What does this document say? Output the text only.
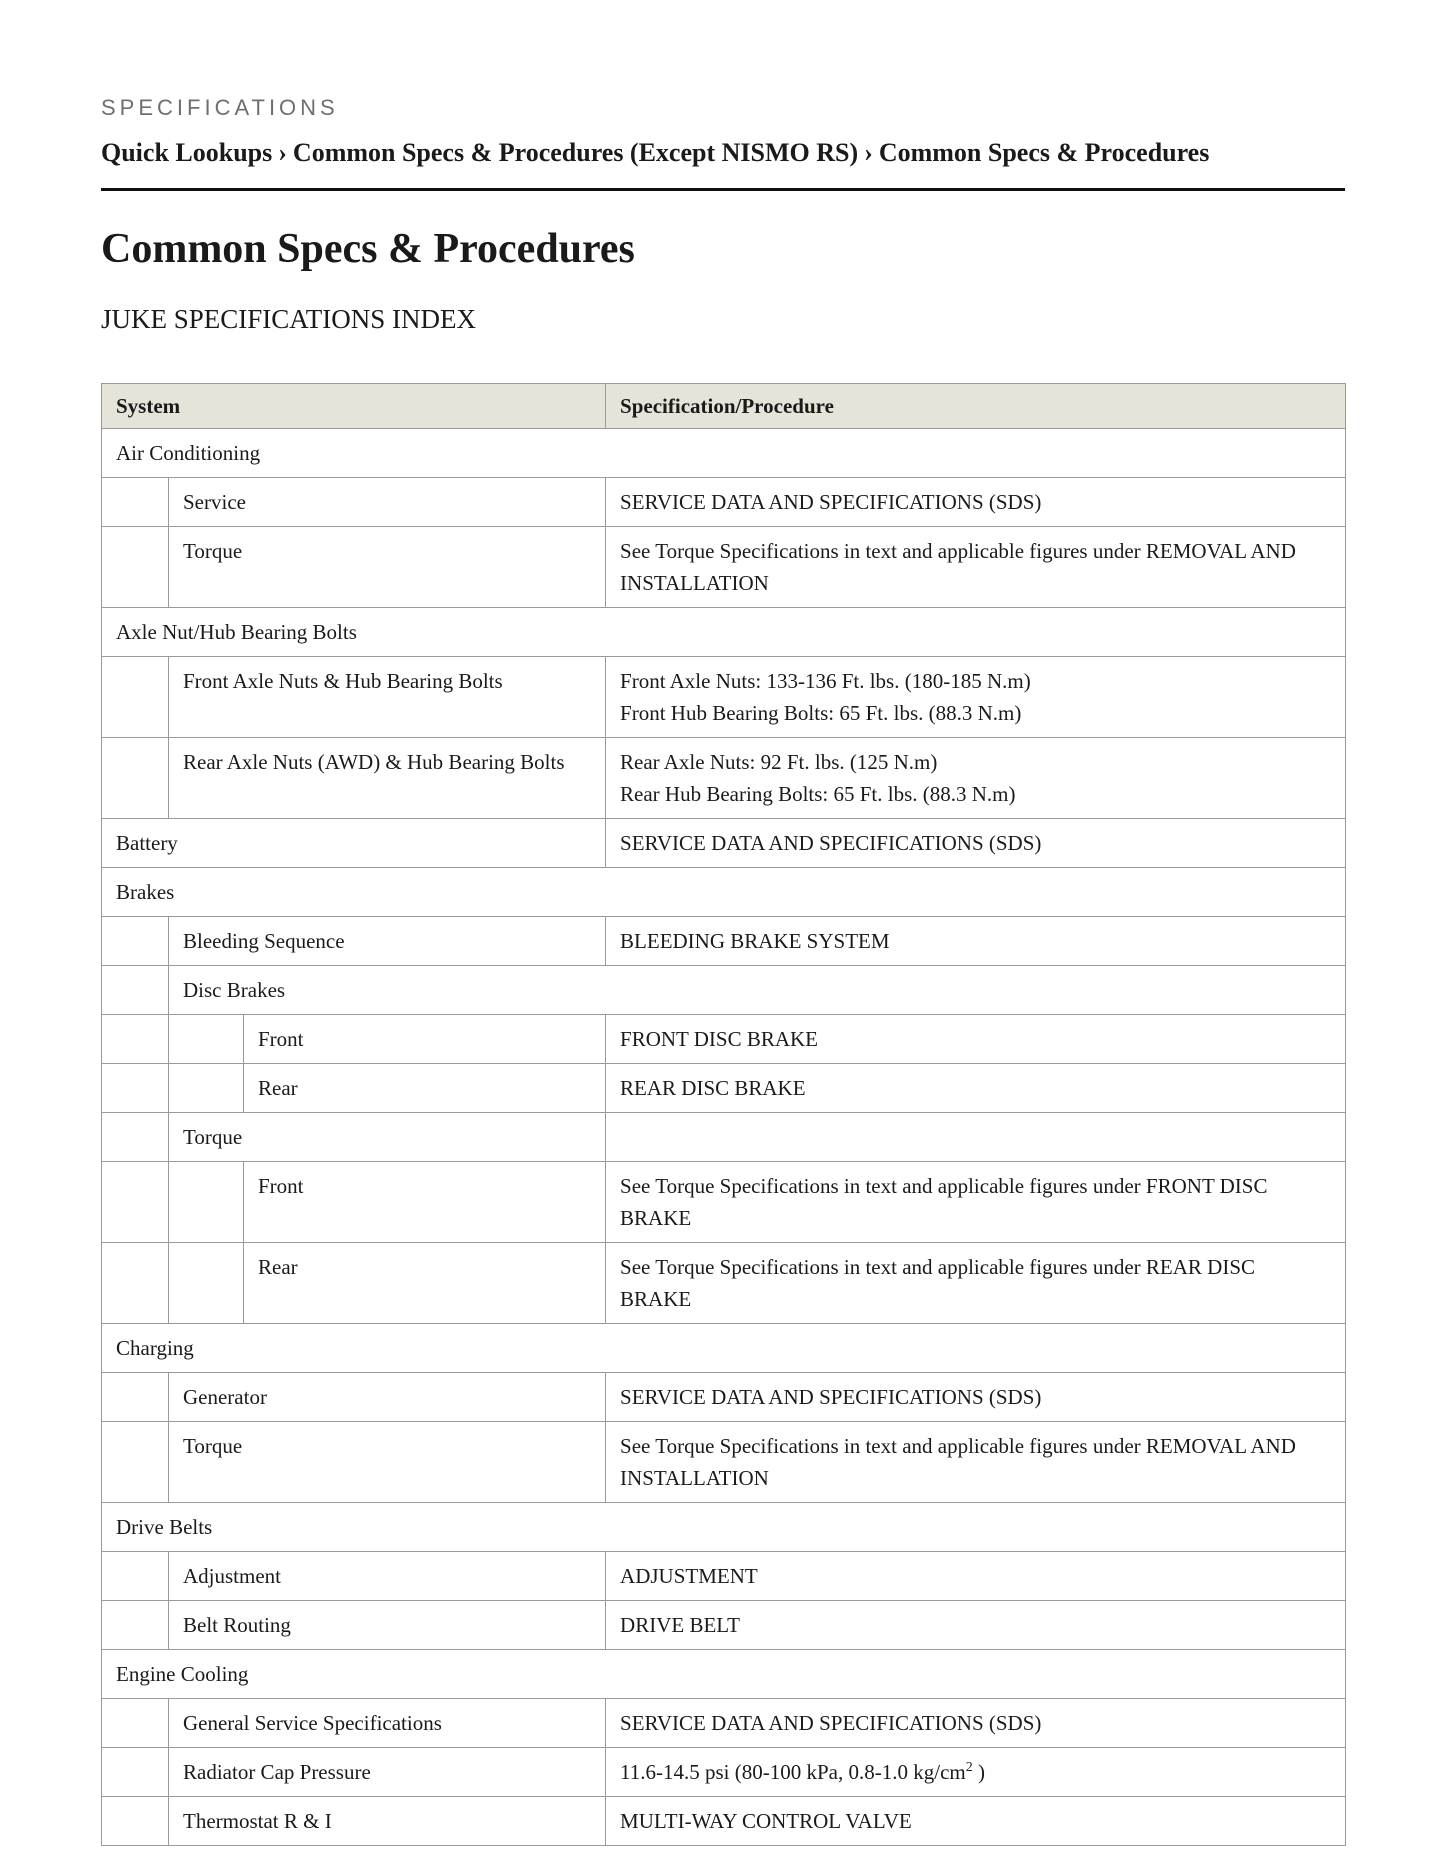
SPECIFICATIONS
Quick Lookups › Common Specs & Procedures (Except NISMO RS) › Common Specs & Procedures
Common Specs & Procedures
JUKE SPECIFICATIONS INDEX
System			Specification/Procedure
Air Conditioning			
	Service		SERVICE DATA AND SPECIFICATIONS (SDS)
	Torque		See Torque Specifications in text and applicable figures under REMOVAL AND INSTALLATION
Axle Nut/Hub Bearing Bolts			
	Front Axle Nuts & Hub Bearing Bolts		Front Axle Nuts: 133-136 Ft. lbs. (180-185 N.m)
Front Hub Bearing Bolts: 65 Ft. lbs. (88.3 N.m)

	Rear Axle Nuts (AWD) & Hub Bearing Bolts		Rear Axle Nuts: 92 Ft. lbs. (125 N.m)
Rear Hub Bearing Bolts: 65 Ft. lbs. (88.3 N.m)

Battery			SERVICE DATA AND SPECIFICATIONS (SDS)
Brakes			
	Bleeding Sequence		BLEEDING BRAKE SYSTEM
	Disc Brakes		
		Front	FRONT DISC BRAKE
		Rear	REAR DISC BRAKE
	Torque		
		Front	See Torque Specifications in text and applicable figures under FRONT DISC BRAKE
		Rear	See Torque Specifications in text and applicable figures under REAR DISC BRAKE
Charging			
	Generator		SERVICE DATA AND SPECIFICATIONS (SDS)
	Torque		See Torque Specifications in text and applicable figures under REMOVAL AND INSTALLATION
Drive Belts			
	Adjustment		ADJUSTMENT
	Belt Routing		DRIVE BELT
Engine Cooling			
	General Service Specifications		SERVICE DATA AND SPECIFICATIONS (SDS)
	Radiator Cap Pressure		11.6-14.5 psi (80-100 kPa, 0.8-1.0 $kg/cm^2$ )
	Thermostat R & I		MULTI-WAY CONTROL VALVE
